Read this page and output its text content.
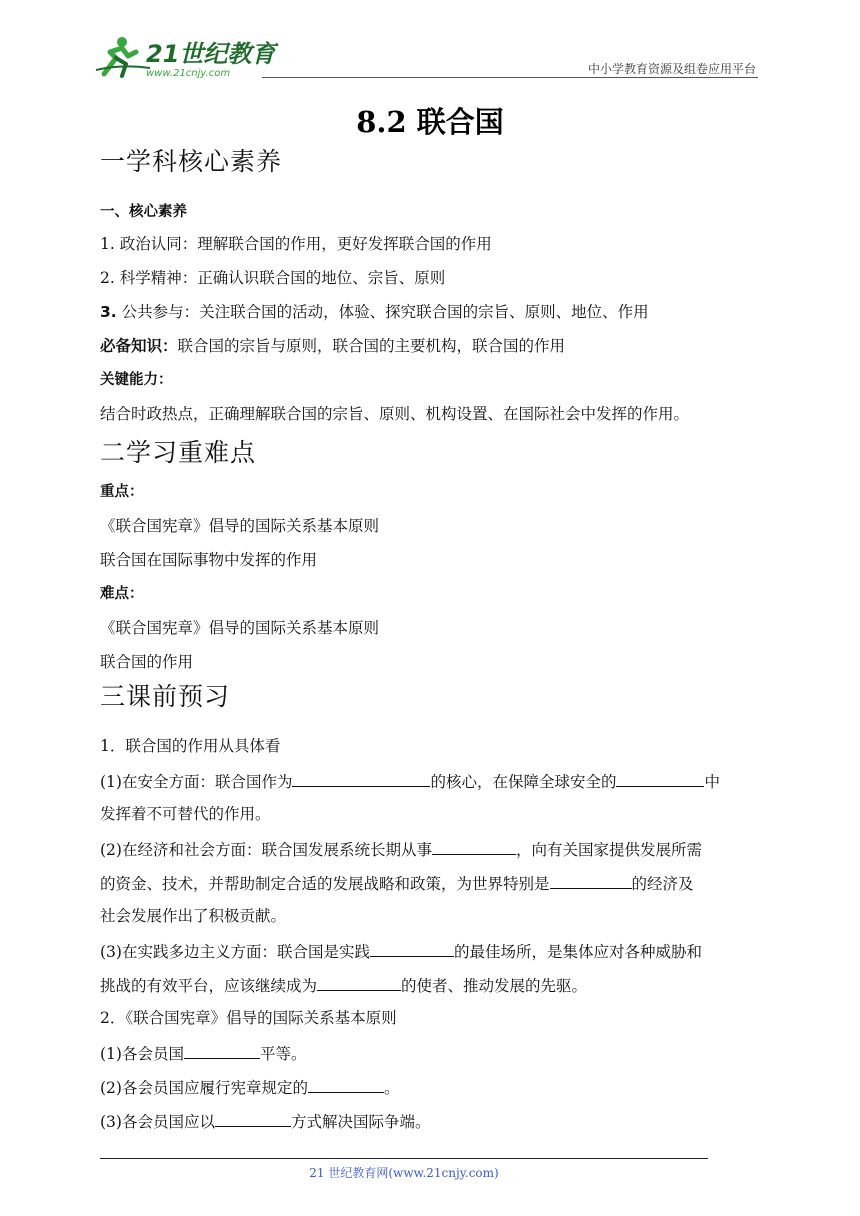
21世纪教育
www.21cnjy.com	中小学教育资源及组卷应用平台
8.2 联合国
一学科核心素养
一、核心素养
1. 政治认同：理解联合国的作用，更好发挥联合国的作用
2. 科学精神：正确认识联合国的地位、宗旨、原则
3. 公共参与：关注联合国的活动，体验、探究联合国的宗旨、原则、地位、作用
必备知识：联合国的宗旨与原则，联合国的主要机构，联合国的作用
关键能力：
结合时政热点，正确理解联合国的宗旨、原则、机构设置、在国际社会中发挥的作用。
二学习重难点
重点：
《联合国宪章》倡导的国际关系基本原则
联合国在国际事物中发挥的作用
难点：
《联合国宪章》倡导的国际关系基本原则
联合国的作用
三课前预习
1．联合国的作用从具体看
(1)在安全方面：联合国作为	的核心，在保障全球安全的	中
发挥着不可替代的作用。
(2)在经济和社会方面：联合国发展系统长期从事	，向有关国家提供发展所需
的资金、技术，并帮助制定合适的发展战略和政策，为世界特别是	的经济及
社会发展作出了积极贡献。
(3)在实践多边主义方面：联合国是实践	的最佳场所，是集体应对各种威胁和
挑战的有效平台，应该继续成为	的使者、推动发展的先驱。
2．《联合国宪章》倡导的国际关系基本原则
(1)各会员国	平等。
(2)各会员国应履行宪章规定的	。
(3)各会员国应以	方式解决国际争端。
21 世纪教育网(www.21cnjy.com)
